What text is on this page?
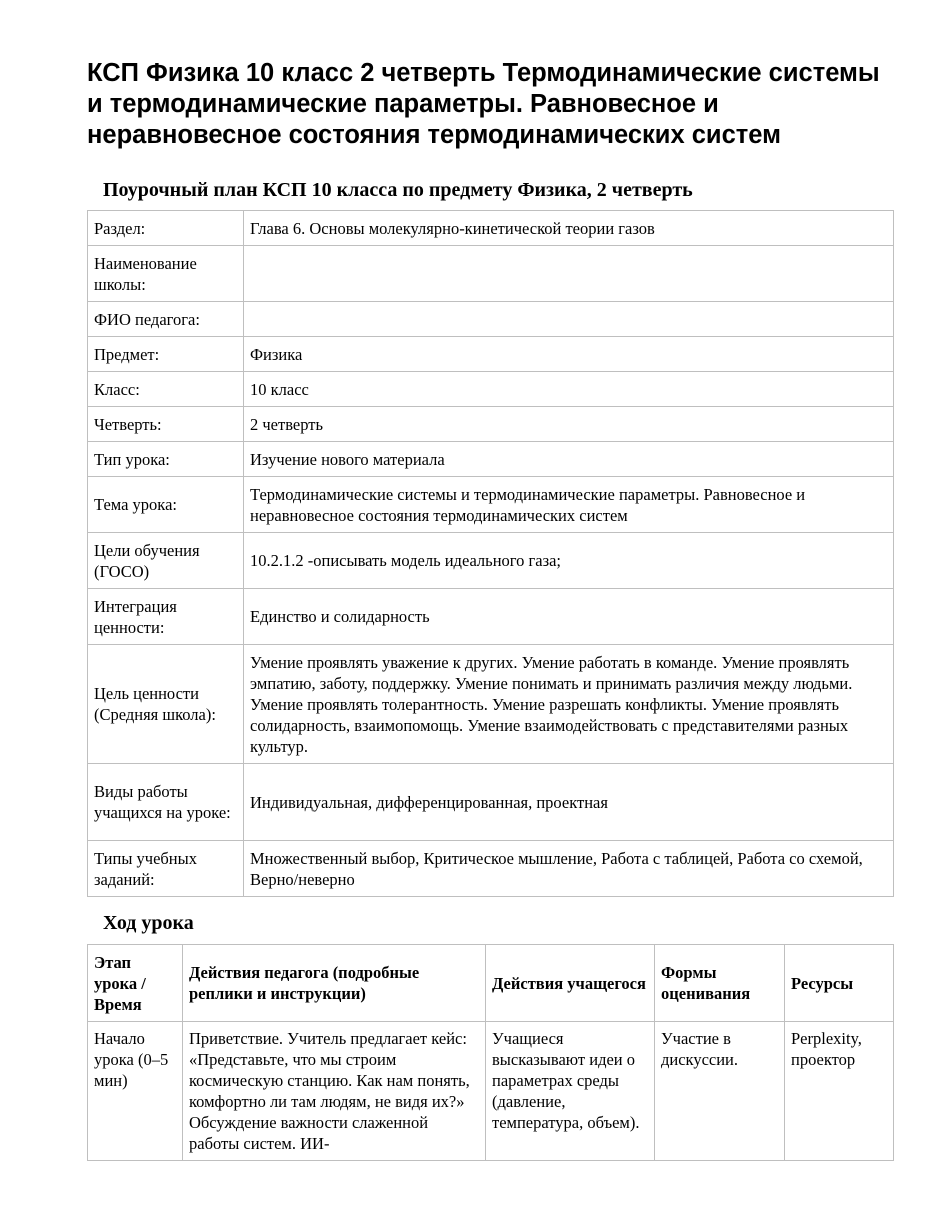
КСП Физика 10 класс 2 четверть Термодинамические системы и термодинамические параметры. Равновесное и неравновесное состояния термодинамических систем
Поурочный план КСП 10 класса по предмету Физика, 2 четверть
Раздел:	Глава 6. Основы молекулярно-кинетической теории газов
Наименование школы:	
ФИО педагога:	
Предмет:	Физика
Класс:	10 класс
Четверть:	2 четверть
Тип урока:	Изучение нового материала
Тема урока:	Термодинамические системы и термодинамические параметры. Равновесное и неравновесное состояния термодинамических систем
Цели обучения (ГОСО)	10.2.1.2 -описывать модель идеального газа;
Интеграция ценности:	Единство и солидарность
Цель ценности (Средняя школа):	Умение проявлять уважение к других. Умение работать в команде. Умение проявлять эмпатию, заботу, поддержку. Умение понимать и принимать различия между людьми. Умение проявлять толерантность. Умение разрешать конфликты. Умение проявлять солидарность, взаимопомощь. Умение взаимодействовать с представителями разных культур.
Виды работы учащихся на уроке:	Индивидуальная, дифференцированная, проектная
Типы учебных заданий:	Множественный выбор, Критическое мышление, Работа с таблицей, Работа со схемой, Верно/неверно
Ход урока
Этап урока / Время	Действия педагога (подробные реплики и инструкции)	Действия учащегося	Формы оценивания	Ресурсы
Начало урока (0–5 мин)	Приветствие. Учитель предлагает кейс: «Представьте, что мы строим космическую станцию. Как нам понять, комфортно ли там людям, не видя их?» Обсуждение важности слаженной работы систем. ИИ-	Учащиеся высказывают идеи о параметрах среды (давление, температура, объем).	Участие в дискуссии.	Perplexity, проектор
